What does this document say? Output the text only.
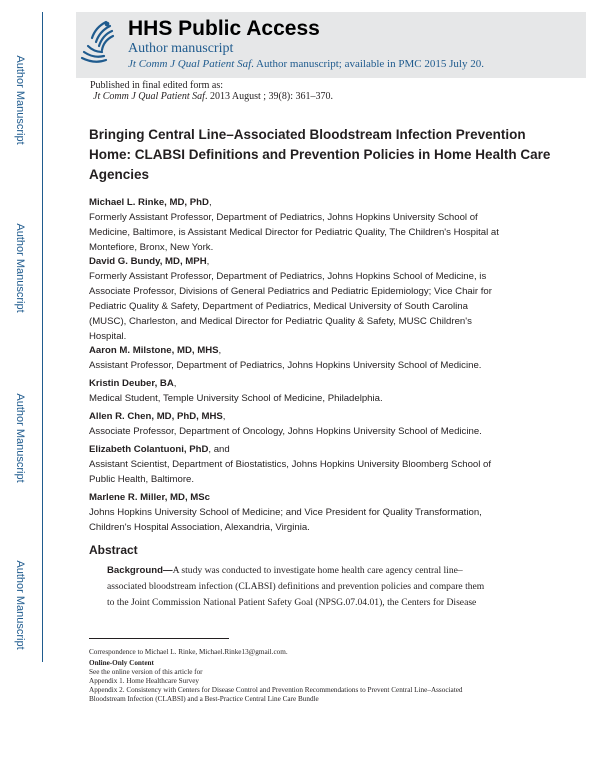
Author Manuscript
Author Manuscript
Author Manuscript
Author Manuscript
HHS Public Access
Author manuscript
Jt Comm J Qual Patient Saf. Author manuscript; available in PMC 2015 July 20.
Published in final edited form as:
Jt Comm J Qual Patient Saf. 2013 August ; 39(8): 361–370.
Bringing Central Line–Associated Bloodstream Infection Prevention Home: CLABSI Definitions and Prevention Policies in Home Health Care Agencies
Michael L. Rinke, MD, PhD,
Formerly Assistant Professor, Department of Pediatrics, Johns Hopkins University School of
Medicine, Baltimore, is Assistant Medical Director for Pediatric Quality, The Children's Hospital at
Montefiore, Bronx, New York.
David G. Bundy, MD, MPH,
Formerly Assistant Professor, Department of Pediatrics, Johns Hopkins School of Medicine, is
Associate Professor, Divisions of General Pediatrics and Pediatric Epidemiology; Vice Chair for
Pediatric Quality & Safety, Department of Pediatrics, Medical University of South Carolina
(MUSC), Charleston, and Medical Director for Pediatric Quality & Safety, MUSC Children's
Hospital.
Aaron M. Milstone, MD, MHS,
Assistant Professor, Department of Pediatrics, Johns Hopkins University School of Medicine.
Kristin Deuber, BA,
Medical Student, Temple University School of Medicine, Philadelphia.
Allen R. Chen, MD, PhD, MHS,
Associate Professor, Department of Oncology, Johns Hopkins University School of Medicine.
Elizabeth Colantuoni, PhD, and
Assistant Scientist, Department of Biostatistics, Johns Hopkins University Bloomberg School of
Public Health, Baltimore.
Marlene R. Miller, MD, MSc
Johns Hopkins University School of Medicine; and Vice President for Quality Transformation,
Children's Hospital Association, Alexandria, Virginia.
Abstract
Background—A study was conducted to investigate home health care agency central line–
associated bloodstream infection (CLABSI) definitions and prevention policies and compare them
to the Joint Commission National Patient Safety Goal (NPSG.07.04.01), the Centers for Disease
Correspondence to Michael L. Rinke, Michael.Rinke13@gmail.com.
Online-Only Content
See the online version of this article for
Appendix 1. Home Healthcare Survey
Appendix 2. Consistency with Centers for Disease Control and Prevention Recommendations to Prevent Central Line–Associated
Bloodstream Infection (CLABSI) and a Best-Practice Central Line Care Bundle
